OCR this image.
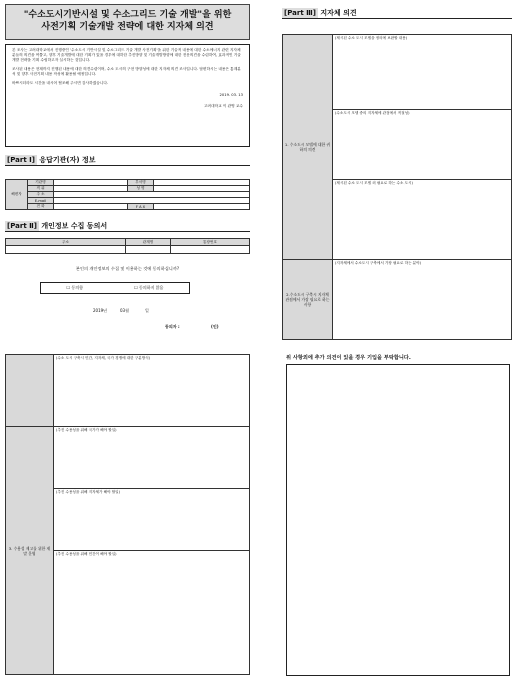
"수소도시기반시설 및 수소그리드 기술 개발"을 위한
사전기획 기술개발 전략에 대한 지자체 의견

본 조사는 고려대학교에서 진행중인 '수소도시 기반시설 및 수소그리드 기술 개발 사전기획'을 위한 기술적 내용에 대한 수소에너지 관련 지자체 분들의 의견을 여쭙고, 향후 기술개발에 대한 기획가 있을 경우에 대하한 추진방향 및 기술개발방향에 대한 전문의견을 수렴하여, 효과적인 기술개발 전략을 기획 수립하고자 실시하는 것입니다.

조사된 내용은 현재까지 진행된 내용에 대한 의견수렴이며, 수소 도시의 구현 방향성에 대한 지자체 의견 조사입니다. 답변하시는 내용은 통계분석 및 향후 사전기획 내용 작성에 활용될 예정입니다.

바쁘시더라도 시간을 내시어 협조해 주시면 감사하겠습니다.

2019. 03. 13

고려대학교 이 관영 교수

[Part Ⅰ] 응답기관(자) 정보
해변자	기관명		부서명	
	직 위		성 명	
	주 소			
	E-mail			
	전 화		F A X	
[Part Ⅱ] 개인정보 수집 동의서
주소	관계명	통장번호

본인의 개인정보의 수집 및 이용하는 것에 동의하십니까?
☐ 동의함	☐ 동의하지 않음
2019년	03월	일
동의자 :	(인)
[Part Ⅲ] 지자체 의견
1. 수소도시 모델에 대한 귀하의 의견	(제시된 수소 도시 모델을 정의에 보완할 내용)
	(수소도시 모델 중의 지자체에 관점에서 적절성)
	(제시된 수소 도시 모델 외 필요로 하는 수소 도시)
2.수소도시 구축시 지자체 관점에서 가장 필요로 하는 사항	(지자체에서 수소도시 구축에서 가장 필요로 하는 분야)
	(수소 도시 구축시 민간, 지자체, 국가 경쟁에 대한 구분방식)
3. 수용성 제고를 위한 제말 운영	(추진 수용성을 위해 국가가 해야 할일)
	(추진 수용성을 위해 지자체가 해야 할일)
	(추진 수용성을 위해 민간이 해야 할일)
위 사항외에 추가 의견이 있을 경우 기입을 부탁합니다.
